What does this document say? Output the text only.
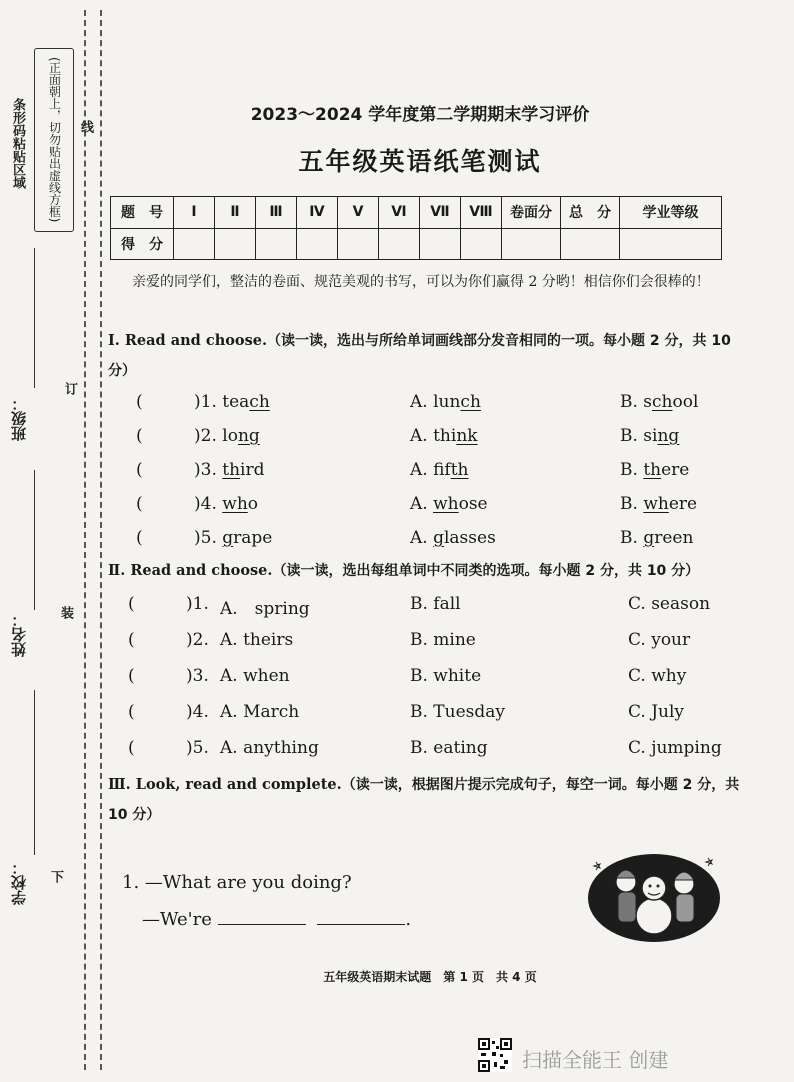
(正面朝上，切勿贴出虚线方框)
条形码粘贴区域	线
订
装
下
班级：
姓名：
学校：
2023～2024 学年度第二学期期末学习评价
五年级英语纸笔测试
题　号	Ⅰ	Ⅱ	Ⅲ	Ⅳ	Ⅴ	Ⅵ	Ⅶ	Ⅷ	卷面分	总　分	学业等级
得　分											
亲爱的同学们，整洁的卷面、规范美观的书写，可以为你们赢得 2 分哟！相信你们会很棒的！
Ⅰ. Read and choose.（读一读，选出与所给单词画线部分发音相同的一项。每小题 2 分，共 10 分）
(	)1. teach	A. lunch	B. school
(	)2. long	A. think	B. sing
(	)3. third	A. fifth	B. there
(	)4. who	A. whose	B. where
(	)5. grape	A. glasses	B. green
Ⅱ. Read and choose.（读一读，选出每组单词中不同类的选项。每小题 2 分，共 10 分）
(	)1. A.　spring	B. fall	C. season
(	)2. A. theirs	B. mine	C. your
(	)3. A. when	B. white	C. why
(	)4. A. March	B. Tuesday	C. July
(	)5. A. anything	B. eating	C. jumping
Ⅲ. Look, read and complete.（读一读，根据图片提示完成句子，每空一词。每小题 2 分，共 10 分）
1. —What are you doing?
—We're	.
五年级英语期末试题　第 1 页　共 4 页
扫描全能王 创建
